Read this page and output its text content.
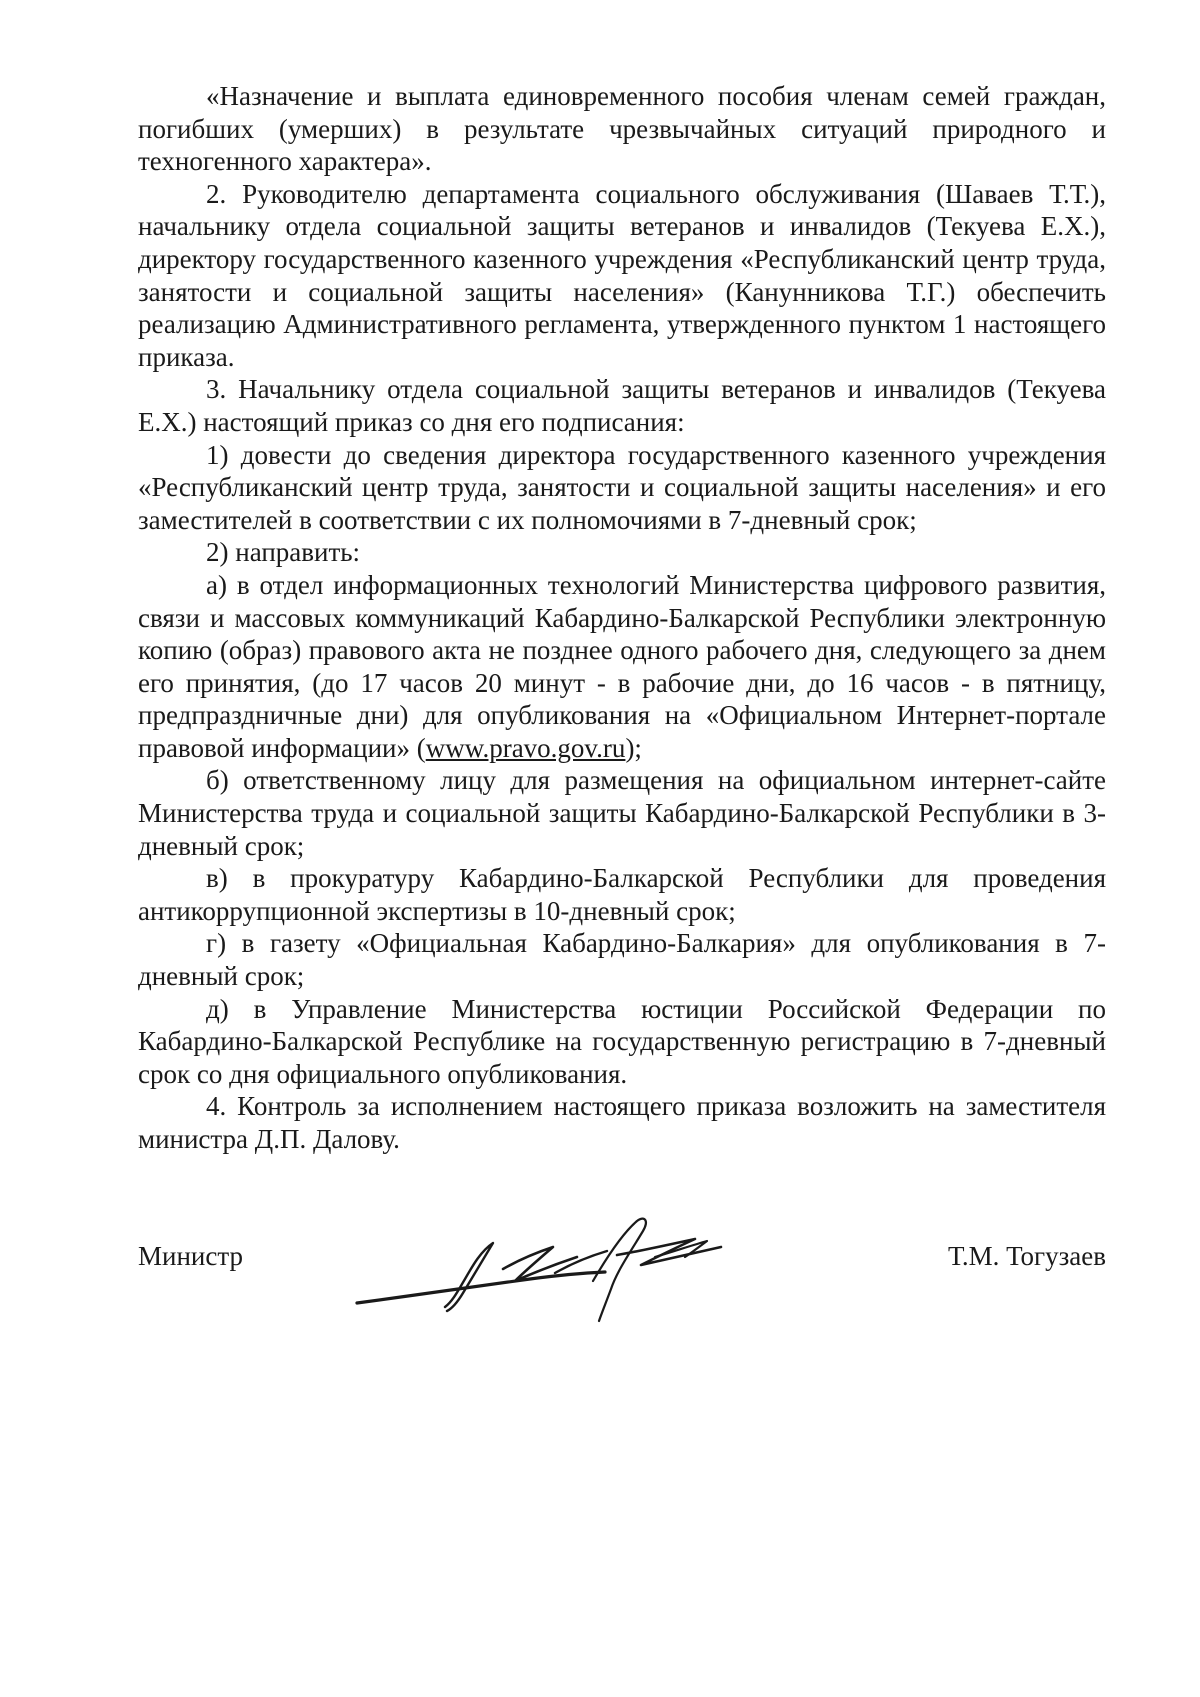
«Назначение и выплата единовременного пособия членам семей граждан, погибших (умерших) в результате чрезвычайных ситуаций природного и техногенного характера».

2. Руководителю департамента социального обслуживания (Шаваев Т.Т.), начальнику отдела социальной защиты ветеранов и инвалидов (Текуева Е.Х.), директору государственного казенного учреждения «Республиканский центр труда, занятости и социальной защиты населения» (Канунникова Т.Г.) обеспечить реализацию Административного регламента, утвержденного пунктом 1 настоящего приказа.

3. Начальнику отдела социальной защиты ветеранов и инвалидов (Текуева Е.Х.) настоящий приказ со дня его подписания:

1) довести до сведения директора государственного казенного учреждения «Республиканский центр труда, занятости и социальной защиты населения» и его заместителей в соответствии с их полномочиями в 7-дневный срок;

2) направить:

а) в отдел информационных технологий Министерства цифрового развития, связи и массовых коммуникаций Кабардино-Балкарской Республики электронную копию (образ) правового акта не позднее одного рабочего дня, следующего за днем его принятия, (до 17 часов 20 минут - в рабочие дни, до 16 часов - в пятницу, предпраздничные дни) для опубликования на «Официальном Интернет-портале правовой информации» (www.pravo.gov.ru);

б) ответственному лицу для размещения на официальном интернет-сайте Министерства труда и социальной защиты Кабардино-Балкарской Республики в 3-дневный срок;

в) в прокуратуру Кабардино-Балкарской Республики для проведения антикоррупционной экспертизы в 10-дневный срок;

г) в газету «Официальная Кабардино-Балкария» для опубликования в 7-дневный срок;

д) в Управление Министерства юстиции Российской Федерации по Кабардино-Балкарской Республике на государственную регистрацию в 7-дневный срок со дня официального опубликования.

4. Контроль за исполнением настоящего приказа возложить на заместителя министра Д.П. Далову.

Министр	Т.М. Тогузаев
